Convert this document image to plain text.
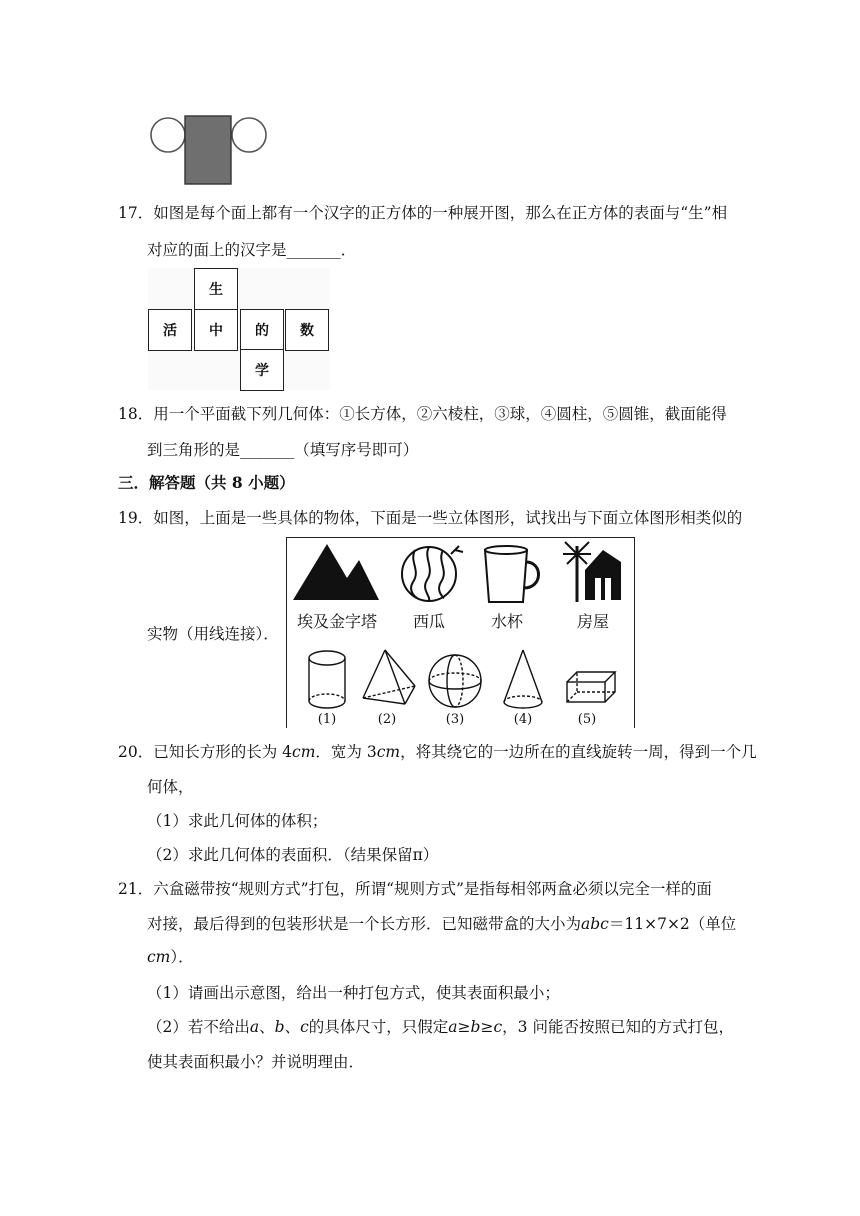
17．如图是每个面上都有一个汉字的正方体的一种展开图，那么在正方体的表面与“生”相
对应的面上的汉字是_______．
生
活	中	的	数
学
18．用一个平面截下列几何体：①长方体，②六棱柱，③球，④圆柱，⑤圆锥，截面能得
到三角形的是_______（填写序号即可）
三．解答题（共 8 小题）
19．如图，上面是一些具体的物体，下面是一些立体图形，试找出与下面立体图形相类似的
实物（用线连接）．
埃及金字塔	西瓜	水杯	房屋
(1)	(2)	(3)	(4)	(5)
20．已知长方形的长为 4cm．宽为 3cm，将其绕它的一边所在的直线旋转一周，得到一个几
何体，
（1）求此几何体的体积；
（2）求此几何体的表面积．（结果保留π）
21．六盒磁带按“规则方式”打包，所谓“规则方式”是指每相邻两盒必须以完全一样的面
对接，最后得到的包装形状是一个长方形．已知磁带盒的大小为abc＝11×7×2（单位
cm）．
（1）请画出示意图，给出一种打包方式，使其表面积最小；
（2）若不给出a、b、c的具体尺寸，只假定a≥b≥c，3 问能否按照已知的方式打包，
使其表面积最小？并说明理由．
